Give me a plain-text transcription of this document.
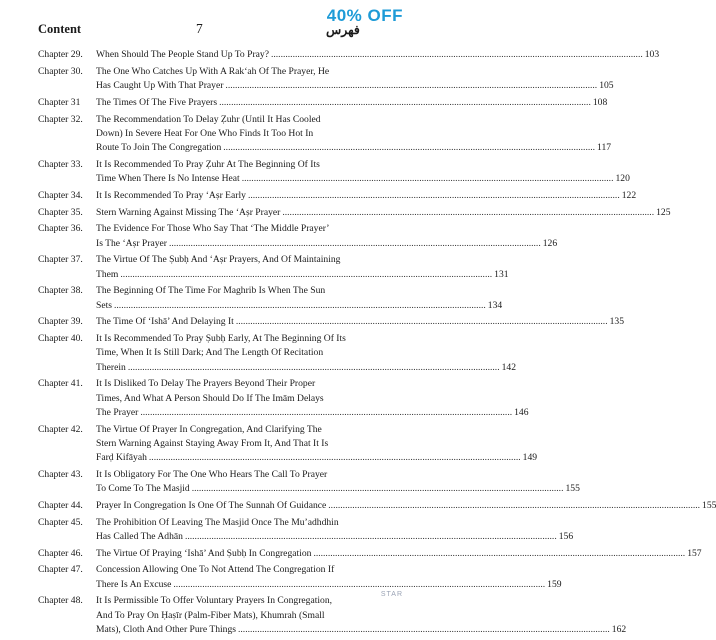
Content	7	فهرس
40% OFF
Chapter 29. When Should The People Stand Up To Pray? ........................................................................................................................................................... 103
Chapter 30. The One Who Catches Up With A Rak‘ah Of The Prayer, He
Has Caught Up With That Prayer ........................................................................................................................................................... 105
Chapter 31 The Times Of The Five Prayers ........................................................................................................................................................... 108
Chapter 32. The Recommendation To Delay Ẓuhr (Until It Has Cooled
Down) In Severe Heat For One Who Finds It Too Hot In
Route To Join The Congregation ........................................................................................................................................................... 117
Chapter 33. It Is Recommended To Pray Ẓuhr At The Beginning Of Its
Time When There Is No Intense Heat ........................................................................................................................................................... 120
Chapter 34. It Is Recommended To Pray ‘Aṣr Early ........................................................................................................................................................... 122
Chapter 35. Stern Warning Against Missing The ‘Aṣr Prayer ........................................................................................................................................................... 125
Chapter 36. The Evidence For Those Who Say That ‘The Middle Prayer’
Is The ‘Aṣr Prayer ........................................................................................................................................................... 126
Chapter 37. The Virtue Of The Ṣubḥ And ‘Aṣr Prayers, And Of Maintaining
Them ........................................................................................................................................................... 131
Chapter 38. The Beginning Of The Time For Maghrib Is When The Sun
Sets ........................................................................................................................................................... 134
Chapter 39. The Time Of ‘Ishā’ And Delaying It ........................................................................................................................................................... 135
Chapter 40. It Is Recommended To Pray Ṣubḥ Early, At The Beginning Of Its
Time, When It Is Still Dark; And The Length Of Recitation
Therein ........................................................................................................................................................... 142
Chapter 41. It Is Disliked To Delay The Prayers Beyond Their Proper
Times, And What A Person Should Do If The Imām Delays
The Prayer ........................................................................................................................................................... 146
Chapter 42. The Virtue Of Prayer In Congregation, And Clarifying The
Stern Warning Against Staying Away From It, And That It Is
Farḍ Kifāyah ........................................................................................................................................................... 149
Chapter 43. It Is Obligatory For The One Who Hears The Call To Prayer
To Come To The Masjid ........................................................................................................................................................... 155
Chapter 44. Prayer In Congregation Is One Of The Sunnah Of Guidance ........................................................................................................................................................... 155
Chapter 45. The Prohibition Of Leaving The Masjid Once The Mu’adhdhin
Has Called The Adhān ........................................................................................................................................................... 156
Chapter 46. The Virtue Of Praying ‘Ishā’ And Ṣubḥ In Congregation ........................................................................................................................................................... 157
Chapter 47. Concession Allowing One To Not Attend The Congregation If
There Is An Excuse ........................................................................................................................................................... 159
Chapter 48. It Is Permissible To Offer Voluntary Prayers In Congregation,
And To Pray On Ḥaṣīr (Palm-Fiber Mats), Khumrah (Small
Mats), Cloth And Other Pure Things ........................................................................................................................................................... 162
STAR
